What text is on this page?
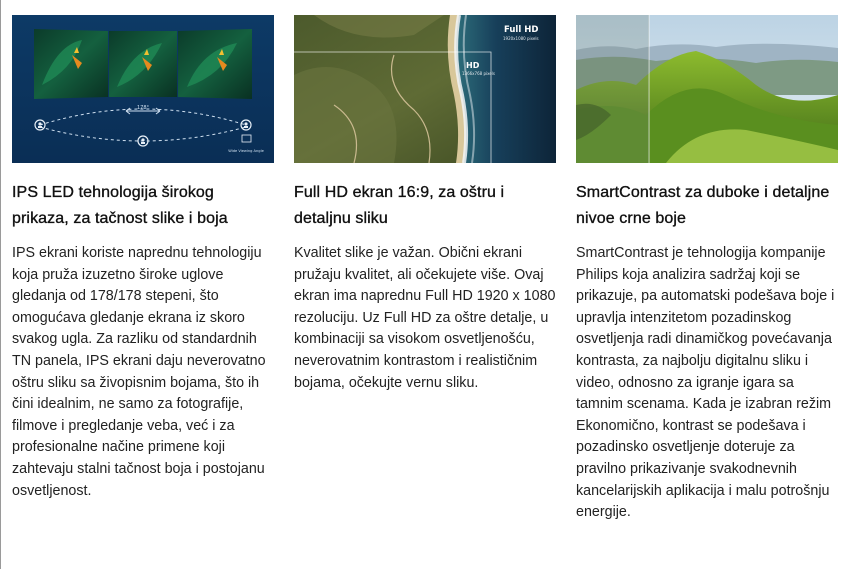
178°
Wide Viewing Angle
IPS LED tehnologija širokog prikaza, za tačnost slike i boja

IPS ekrani koriste naprednu tehnologiju koja pruža izuzetno široke uglove gledanja od 178/178 stepeni, što omogućava gledanje ekrana iz skoro svakog ugla. Za razliku od standardnih TN panela, IPS ekrani daju neverovatno oštru sliku sa živopisnim bojama, što ih čini idealnim, ne samo za fotografije, filmove i pregledanje veba, već i za profesionalne načine primene koji zahtevaju stalni tačnost boja i postojanu osvetljenost.

Full HD
1920x1080 pixels
HD
1366x768 pixels
Full HD ekran 16:9, za oštru i detaljnu sliku

Kvalitet slike je važan. Obični ekrani pružaju kvalitet, ali očekujete više. Ovaj ekran ima naprednu Full HD 1920 x 1080 rezoluciju. Uz Full HD za oštre detalje, u kombinaciji sa visokom osvetljenošću, neverovatnim kontrastom i realističnim bojama, očekujte vernu sliku.

SmartContrast za duboke i detaljne nivoe crne boje

SmartContrast je tehnologija kompanije Philips koja analizira sadržaj koji se prikazuje, pa automatski podešava boje i upravlja intenzitetom pozadinskog osvetljenja radi dinamičkog povećavanja kontrasta, za najbolju digitalnu sliku i video, odnosno za igranje igara sa tamnim scenama. Kada je izabran režim Ekonomično, kontrast se podešava i pozadinsko osvetljenje doteruje za pravilno prikazivanje svakodnevnih kancelarijskih aplikacija i malu potrošnju energije.
